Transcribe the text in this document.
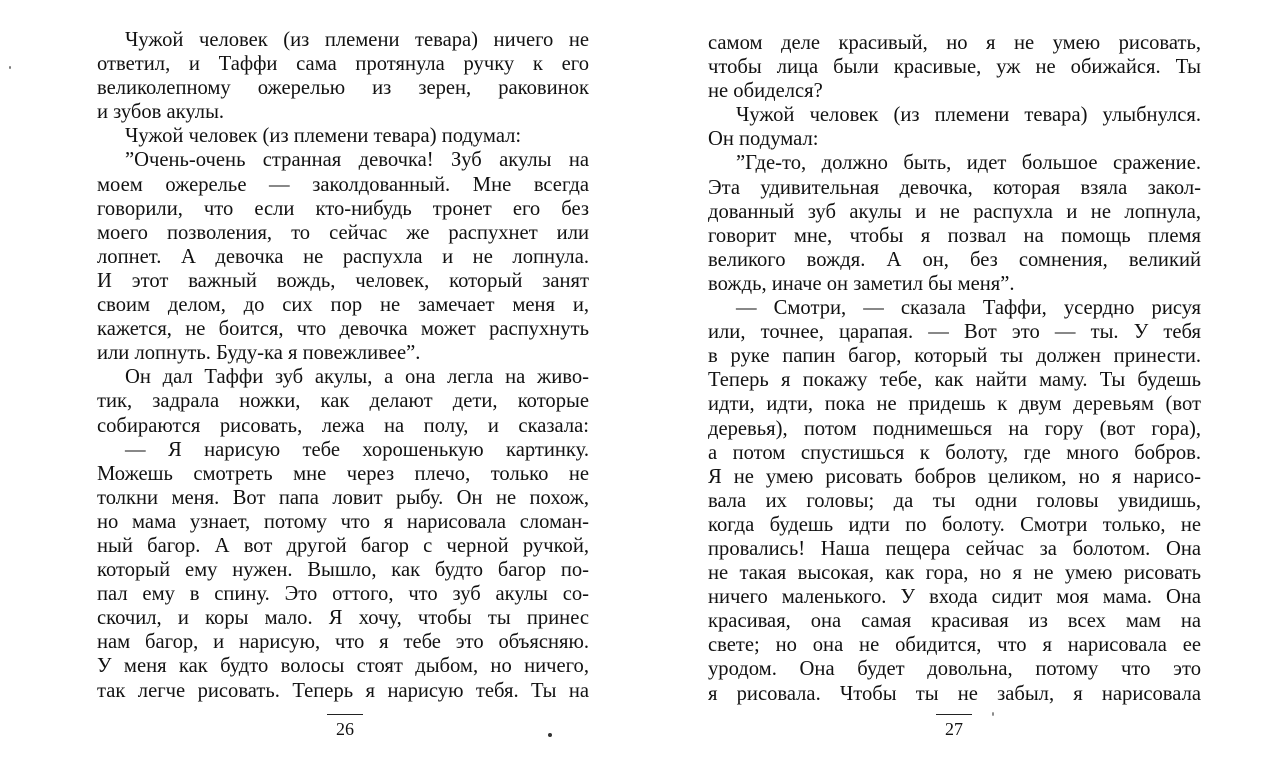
Чужой человек (из племени тевара) ничего не
ответил, и Таффи сама протянула ручку к его
великолепному ожерелью из зерен, раковинок
и зубов акулы.
Чужой человек (из племени тевара) подумал:
”Очень-очень странная девочка! Зуб акулы на
моем ожерелье — заколдованный. Мне всегда
говорили, что если кто-нибудь тронет его без
моего позволения, то сейчас же распухнет или
лопнет. А девочка не распухла и не лопнула.
И этот важный вождь, человек, который занят
своим делом, до сих пор не замечает меня и,
кажется, не боится, что девочка может распухнуть
или лопнуть. Буду-ка я повежливее”.
Он дал Таффи зуб акулы, а она легла на живо-
тик, задрала ножки, как делают дети, которые
собираются рисовать, лежа на полу, и сказала:
— Я нарисую тебе хорошенькую картинку.
Можешь смотреть мне через плечо, только не
толкни меня. Вот папа ловит рыбу. Он не похож,
но мама узнает, потому что я нарисовала сломан-
ный багор. А вот другой багор с черной ручкой,
который ему нужен. Вышло, как будто багор по-
пал ему в спину. Это оттого, что зуб акулы со-
скочил, и коры мало. Я хочу, чтобы ты принес
нам багор, и нарисую, что я тебе это объясняю.
У меня как будто волосы стоят дыбом, но ничего,
так легче рисовать. Теперь я нарисую тебя. Ты на
26
самом деле красивый, но я не умею рисовать,
чтобы лица были красивые, уж не обижайся. Ты
не обиделся?
Чужой человек (из племени тевара) улыбнулся.
Он подумал:
”Где-то, должно быть, идет большое сражение.
Эта удивительная девочка, которая взяла закол-
дованный зуб акулы и не распухла и не лопнула,
говорит мне, чтобы я позвал на помощь племя
великого вождя. А он, без сомнения, великий
вождь, иначе он заметил бы меня”.
— Смотри, — сказала Таффи, усердно рисуя
или, точнее, царапая. — Вот это — ты. У тебя
в руке папин багор, который ты должен принести.
Теперь я покажу тебе, как найти маму. Ты будешь
идти, идти, пока не придешь к двум деревьям (вот
деревья), потом поднимешься на гору (вот гора),
а потом спустишься к болоту, где много бобров.
Я не умею рисовать бобров целиком, но я нарисо-
вала их головы; да ты одни головы увидишь,
когда будешь идти по болоту. Смотри только, не
провались! Наша пещера сейчас за болотом. Она
не такая высокая, как гора, но я не умею рисовать
ничего маленького. У входа сидит моя мама. Она
красивая, она самая красивая из всех мам на
свете; но она не обидится, что я нарисовала ее
уродом. Она будет довольна, потому что это
я рисовала. Чтобы ты не забыл, я нарисовала
27
